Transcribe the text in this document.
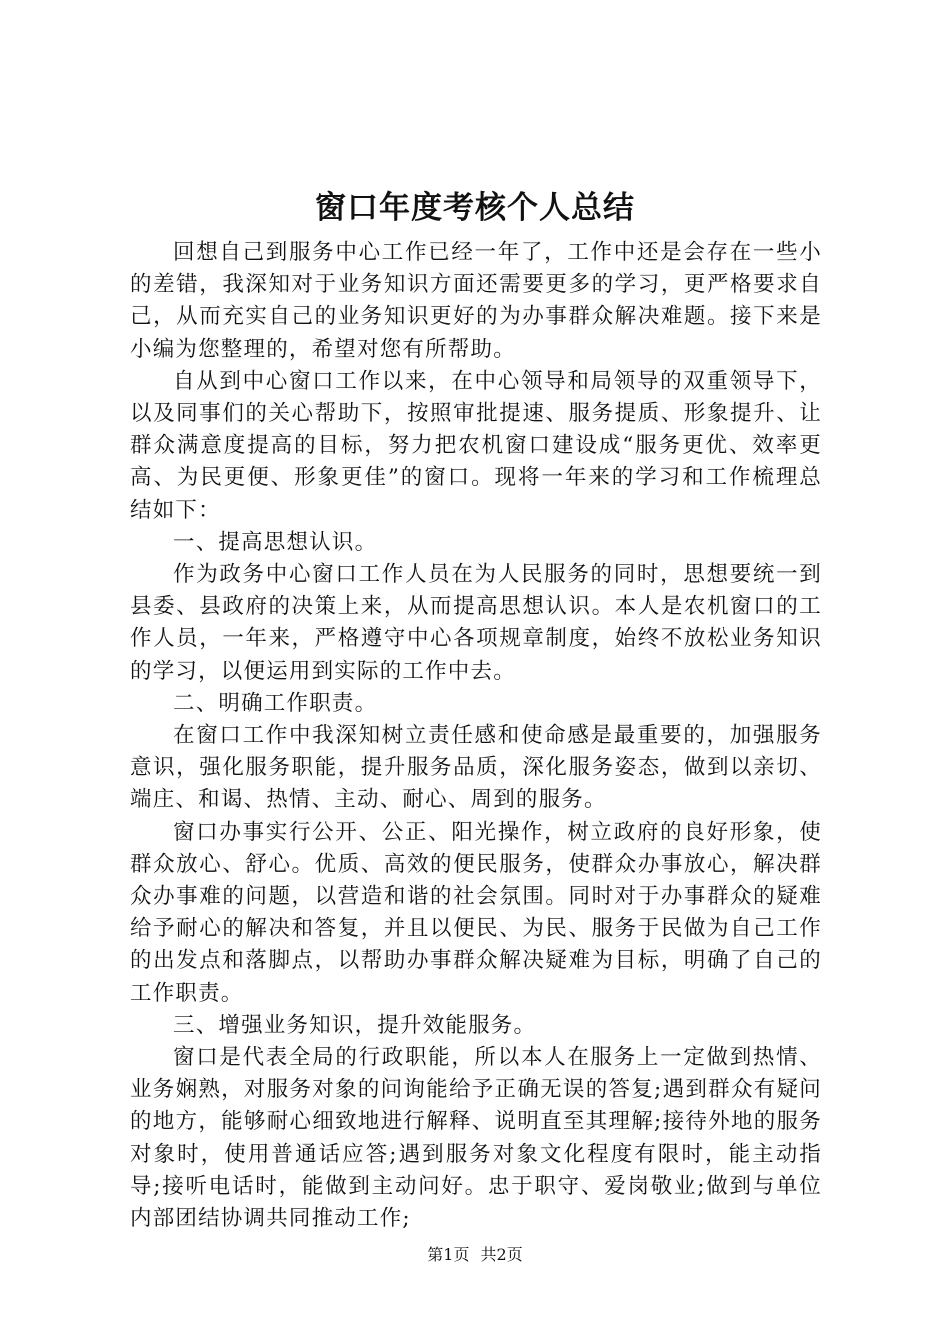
窗口年度考核个人总结

回想自己到服务中心工作已经一年了，工作中还是会存在一些小的差错，我深知对于业务知识方面还需要更多的学习，更严格要求自己，从而充实自己的业务知识更好的为办事群众解决难题。接下来是小编为您整理的，希望对您有所帮助。

自从到中心窗口工作以来，在中心领导和局领导的双重领导下，以及同事们的关心帮助下，按照审批提速、服务提质、形象提升、让群众满意度提高的目标，努力把农机窗口建设成“服务更优、效率更高、为民更便、形象更佳”的窗口。现将一年来的学习和工作梳理总结如下：

一、提高思想认识。

作为政务中心窗口工作人员在为人民服务的同时，思想要统一到县委、县政府的决策上来，从而提高思想认识。本人是农机窗口的工作人员，一年来，严格遵守中心各项规章制度，始终不放松业务知识的学习，以便运用到实际的工作中去。

二、明确工作职责。

在窗口工作中我深知树立责任感和使命感是最重要的，加强服务意识，强化服务职能，提升服务品质，深化服务姿态，做到以亲切、端庄、和谒、热情、主动、耐心、周到的服务。

窗口办事实行公开、公正、阳光操作，树立政府的良好形象，使群众放心、舒心。优质、高效的便民服务，使群众办事放心，解决群众办事难的问题，以营造和谐的社会氛围。同时对于办事群众的疑难给予耐心的解决和答复，并且以便民、为民、服务于民做为自己工作的出发点和落脚点，以帮助办事群众解决疑难为目标，明确了自己的工作职责。

三、增强业务知识，提升效能服务。

窗口是代表全局的行政职能，所以本人在服务上一定做到热情、业务娴熟，对服务对象的问询能给予正确无误的答复;遇到群众有疑问的地方，能够耐心细致地进行解释、说明直至其理解;接待外地的服务对象时，使用普通话应答;遇到服务对象文化程度有限时，能主动指导;接听电话时，能做到主动问好。忠于职守、爱岗敬业;做到与单位内部团结协调共同推动工作;

第1页 共2页
